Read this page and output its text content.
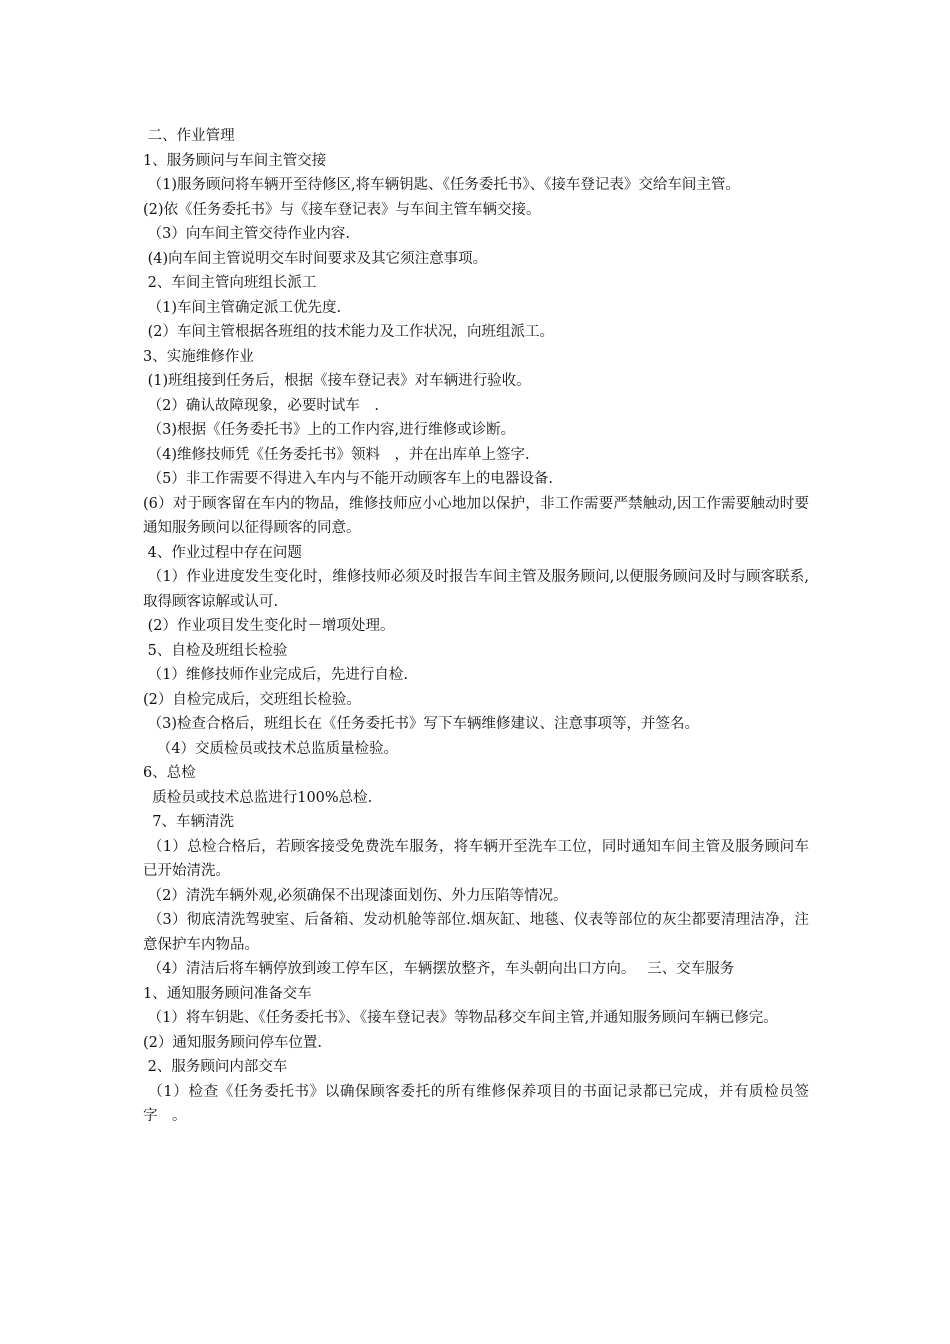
二、作业管理

1、服务顾问与车间主管交接

（1)服务顾问将车辆开至待修区,将车辆钥匙、《任务委托书》、《接车登记表》交给车间主管。

(2)依《任务委托书》与《接车登记表》与车间主管车辆交接。

（3）向车间主管交待作业内容.

(4)向车间主管说明交车时间要求及其它须注意事项。

2、车间主管向班组长派工

（1)车间主管确定派工优先度.

(2）车间主管根据各班组的技术能力及工作状况，向班组派工。

3、实施维修作业

(1)班组接到任务后，根据《接车登记表》对车辆进行验收。

（2）确认故障现象，必要时试车　.

（3)根据《任务委托书》上的工作内容,进行维修或诊断。

（4)维修技师凭《任务委托书》领料　，并在出库单上签字.

（5）非工作需要不得进入车内与不能开动顾客车上的电器设备.

(6）对于顾客留在车内的物品，维修技师应小心地加以保护，非工作需要严禁触动,因工作需要触动时要通知服务顾问以征得顾客的同意。

4、作业过程中存在问题

（1）作业进度发生变化时，维修技师必须及时报告车间主管及服务顾问,以便服务顾问及时与顾客联系,取得顾客谅解或认可.

(2）作业项目发生变化时－增项处理。

5、自检及班组长检验

（1）维修技师作业完成后，先进行自检.

(2）自检完成后，交班组长检验。

（3)检查合格后，班组长在《任务委托书》写下车辆维修建议、注意事项等，并签名。

（4）交质检员或技术总监质量检验。

6、总检

质检员或技术总监进行100%总检.

7、车辆清洗

（1）总检合格后，若顾客接受免费洗车服务，将车辆开至洗车工位，同时通知车间主管及服务顾问车已开始清洗。

（2）清洗车辆外观,必须确保不出现漆面划伤、外力压陷等情况。

（3）彻底清洗驾驶室、后备箱、发动机舱等部位.烟灰缸、地毯、仪表等部位的灰尘都要清理洁净，注意保护车内物品。

（4）清洁后将车辆停放到竣工停车区，车辆摆放整齐，车头朝向出口方向。　 三、交车服务

1、通知服务顾问准备交车

（1）将车钥匙、《任务委托书》、《接车登记表》等物品移交车间主管,并通知服务顾问车辆已修完。

(2）通知服务顾问停车位置.

2、服务顾问内部交车

（1）检查《任务委托书》以确保顾客委托的所有维修保养项目的书面记录都已完成，并有质检员签字　。
